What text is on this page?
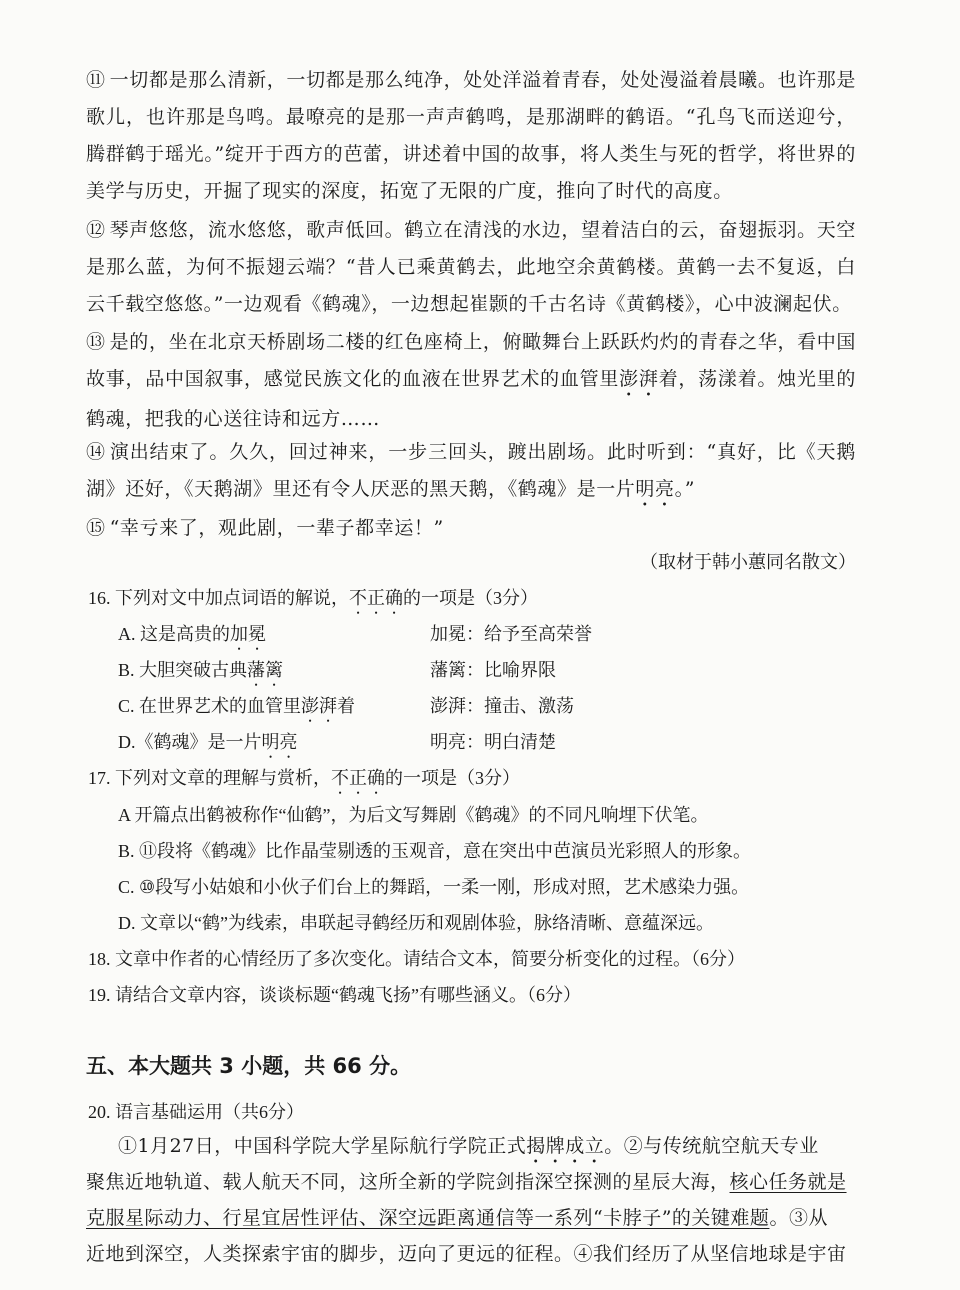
⑪ 一切都是那么清新，一切都是那么纯净，处处洋溢着青春，处处漫溢着晨曦。也许那是歌儿，也许那是鸟鸣。最嘹亮的是那一声声鹤鸣，是那湖畔的鹤语。“孔鸟飞而送迎兮，腾群鹤于瑶光。”绽开于西方的芭蕾，讲述着中国的故事，将人类生与死的哲学，将世界的美学与历史，开掘了现实的深度，拓宽了无限的广度，推向了时代的高度。

⑫ 琴声悠悠，流水悠悠，歌声低回。鹤立在清浅的水边，望着洁白的云，奋翅振羽。天空是那么蓝，为何不振翅云端？“昔人已乘黄鹤去，此地空余黄鹤楼。黄鹤一去不复返，白云千载空悠悠。”一边观看《鹤魂》，一边想起崔颢的千古名诗《黄鹤楼》，心中波澜起伏。

⑬ 是的，坐在北京天桥剧场二楼的红色座椅上，俯瞰舞台上跃跃灼灼的青春之华，看中国故事，品中国叙事，感觉民族文化的血液在世界艺术的血管里澎湃着，荡漾着。烛光里的鹤魂，把我的心送往诗和远方……

⑭ 演出结束了。久久，回过神来，一步三回头，踱出剧场。此时听到：“真好，比《天鹅湖》还好，《天鹅湖》里还有令人厌恶的黑天鹅，《鹤魂》是一片明亮。”

⑮ “幸亏来了，观此剧，一辈子都幸运！”

（取材于韩小蕙同名散文）
16. 下列对文中加点词语的解说，不正确的一项是（3分）
A. 这是高贵的加冕	加冕：给予至高荣誉
B. 大胆突破古典藩篱	藩篱：比喻界限
C. 在世界艺术的血管里澎湃着	澎湃：撞击、激荡
D.《鹤魂》是一片明亮	明亮：明白清楚
17. 下列对文章的理解与赏析，不正确的一项是（3分）
A 开篇点出鹤被称作“仙鹤”，为后文写舞剧《鹤魂》的不同凡响埋下伏笔。
B. ⑪段将《鹤魂》比作晶莹剔透的玉观音，意在突出中芭演员光彩照人的形象。
C. ⑩段写小姑娘和小伙子们台上的舞蹈，一柔一刚，形成对照，艺术感染力强。
D. 文章以“鹤”为线索，串联起寻鹤经历和观剧体验，脉络清晰、意蕴深远。
18. 文章中作者的心情经历了多次变化。请结合文本，简要分析变化的过程。（6分）
19. 请结合文章内容，谈谈标题“鹤魂飞扬”有哪些涵义。（6分）
五、本大题共 3 小题，共 66 分。
20. 语言基础运用（共6分）
①1月27日，中国科学院大学星际航行学院正式揭牌成立。②与传统航空航天专业
聚焦近地轨道、载人航天不同，这所全新的学院剑指深空探测的星辰大海，核心任务就是
克服星际动力、行星宜居性评估、深空远距离通信等一系列“卡脖子”的关键难题。③从
近地到深空，人类探索宇宙的脚步，迈向了更远的征程。④我们经历了从坚信地球是宇宙
